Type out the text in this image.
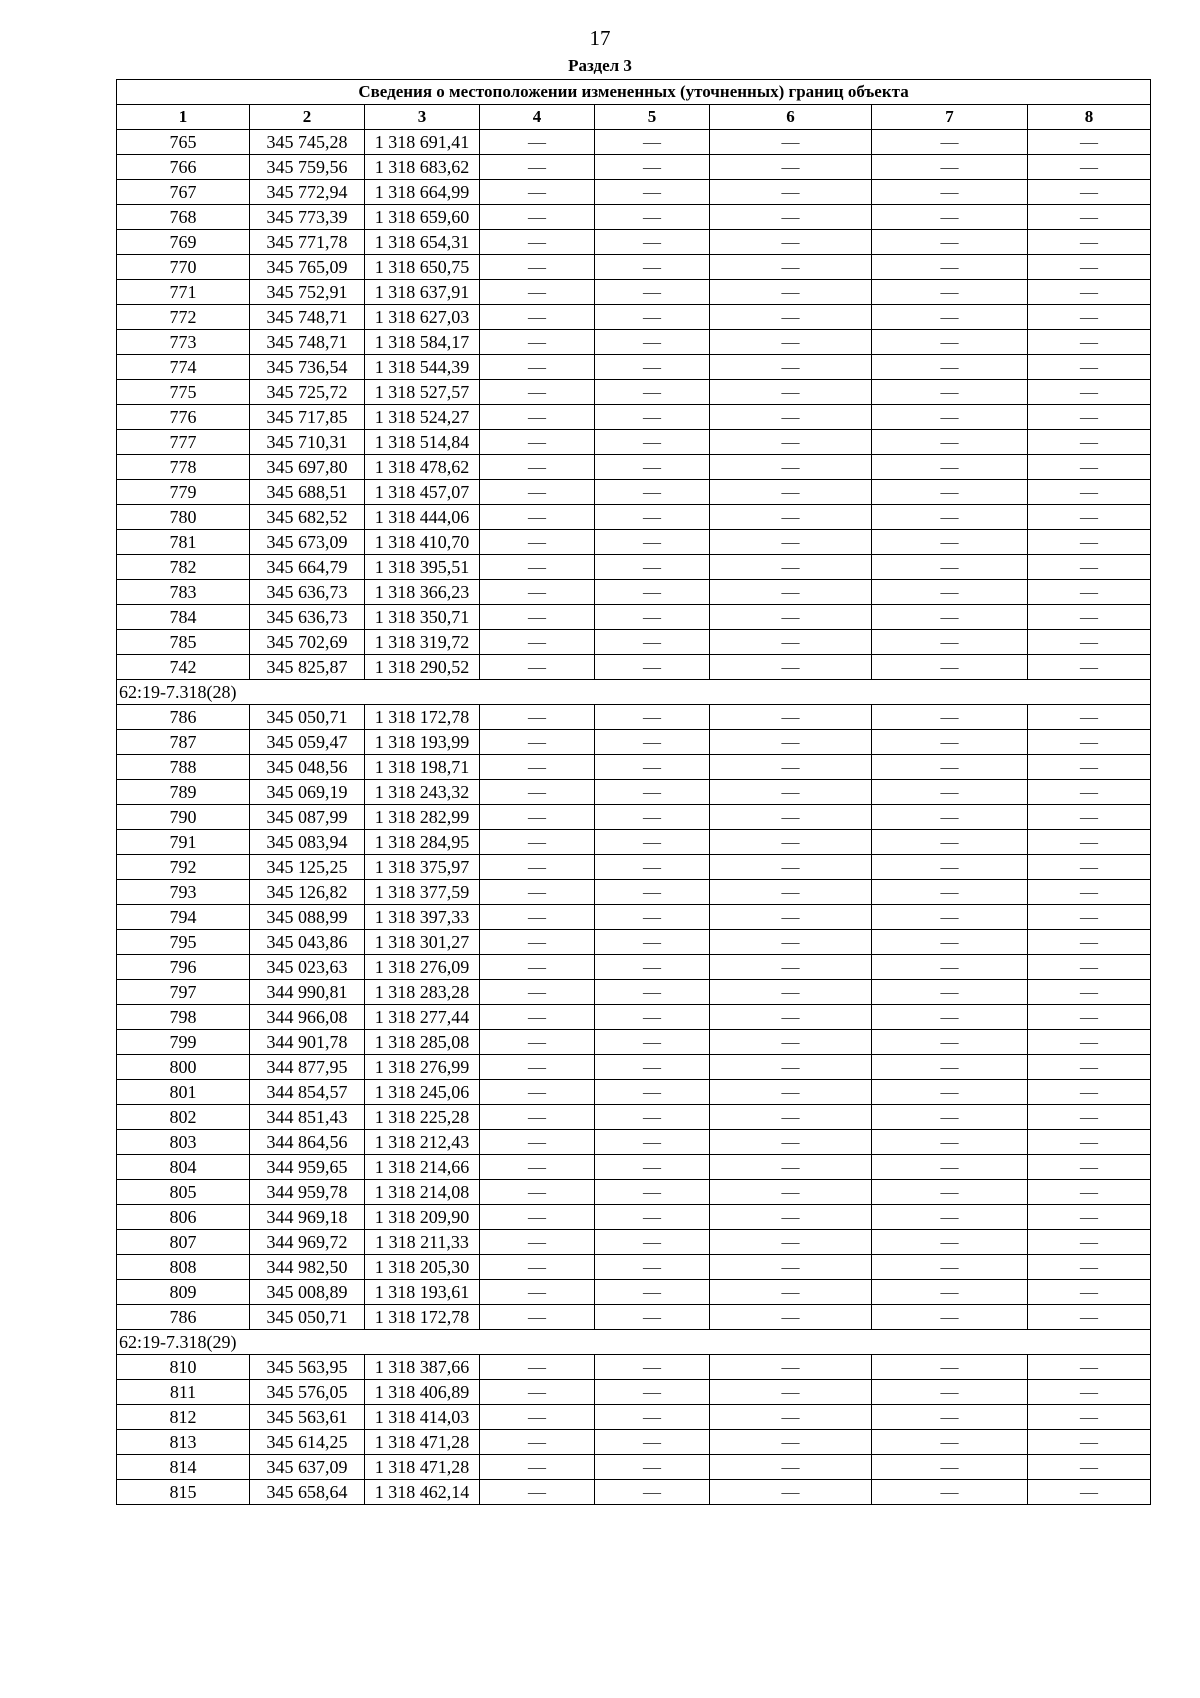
17
Раздел 3
Сведения о местоположении измененных (уточненных) границ объекта							
1	2	3	4	5	6	7	8
765	345 745,28	1 318 691,41	—	—	—	—	—
766	345 759,56	1 318 683,62	—	—	—	—	—
767	345 772,94	1 318 664,99	—	—	—	—	—
768	345 773,39	1 318 659,60	—	—	—	—	—
769	345 771,78	1 318 654,31	—	—	—	—	—
770	345 765,09	1 318 650,75	—	—	—	—	—
771	345 752,91	1 318 637,91	—	—	—	—	—
772	345 748,71	1 318 627,03	—	—	—	—	—
773	345 748,71	1 318 584,17	—	—	—	—	—
774	345 736,54	1 318 544,39	—	—	—	—	—
775	345 725,72	1 318 527,57	—	—	—	—	—
776	345 717,85	1 318 524,27	—	—	—	—	—
777	345 710,31	1 318 514,84	—	—	—	—	—
778	345 697,80	1 318 478,62	—	—	—	—	—
779	345 688,51	1 318 457,07	—	—	—	—	—
780	345 682,52	1 318 444,06	—	—	—	—	—
781	345 673,09	1 318 410,70	—	—	—	—	—
782	345 664,79	1 318 395,51	—	—	—	—	—
783	345 636,73	1 318 366,23	—	—	—	—	—
784	345 636,73	1 318 350,71	—	—	—	—	—
785	345 702,69	1 318 319,72	—	—	—	—	—
742	345 825,87	1 318 290,52	—	—	—	—	—
62:19-7.318(28)							
786	345 050,71	1 318 172,78	—	—	—	—	—
787	345 059,47	1 318 193,99	—	—	—	—	—
788	345 048,56	1 318 198,71	—	—	—	—	—
789	345 069,19	1 318 243,32	—	—	—	—	—
790	345 087,99	1 318 282,99	—	—	—	—	—
791	345 083,94	1 318 284,95	—	—	—	—	—
792	345 125,25	1 318 375,97	—	—	—	—	—
793	345 126,82	1 318 377,59	—	—	—	—	—
794	345 088,99	1 318 397,33	—	—	—	—	—
795	345 043,86	1 318 301,27	—	—	—	—	—
796	345 023,63	1 318 276,09	—	—	—	—	—
797	344 990,81	1 318 283,28	—	—	—	—	—
798	344 966,08	1 318 277,44	—	—	—	—	—
799	344 901,78	1 318 285,08	—	—	—	—	—
800	344 877,95	1 318 276,99	—	—	—	—	—
801	344 854,57	1 318 245,06	—	—	—	—	—
802	344 851,43	1 318 225,28	—	—	—	—	—
803	344 864,56	1 318 212,43	—	—	—	—	—
804	344 959,65	1 318 214,66	—	—	—	—	—
805	344 959,78	1 318 214,08	—	—	—	—	—
806	344 969,18	1 318 209,90	—	—	—	—	—
807	344 969,72	1 318 211,33	—	—	—	—	—
808	344 982,50	1 318 205,30	—	—	—	—	—
809	345 008,89	1 318 193,61	—	—	—	—	—
786	345 050,71	1 318 172,78	—	—	—	—	—
62:19-7.318(29)							
810	345 563,95	1 318 387,66	—	—	—	—	—
811	345 576,05	1 318 406,89	—	—	—	—	—
812	345 563,61	1 318 414,03	—	—	—	—	—
813	345 614,25	1 318 471,28	—	—	—	—	—
814	345 637,09	1 318 471,28	—	—	—	—	—
815	345 658,64	1 318 462,14	—	—	—	—	—
